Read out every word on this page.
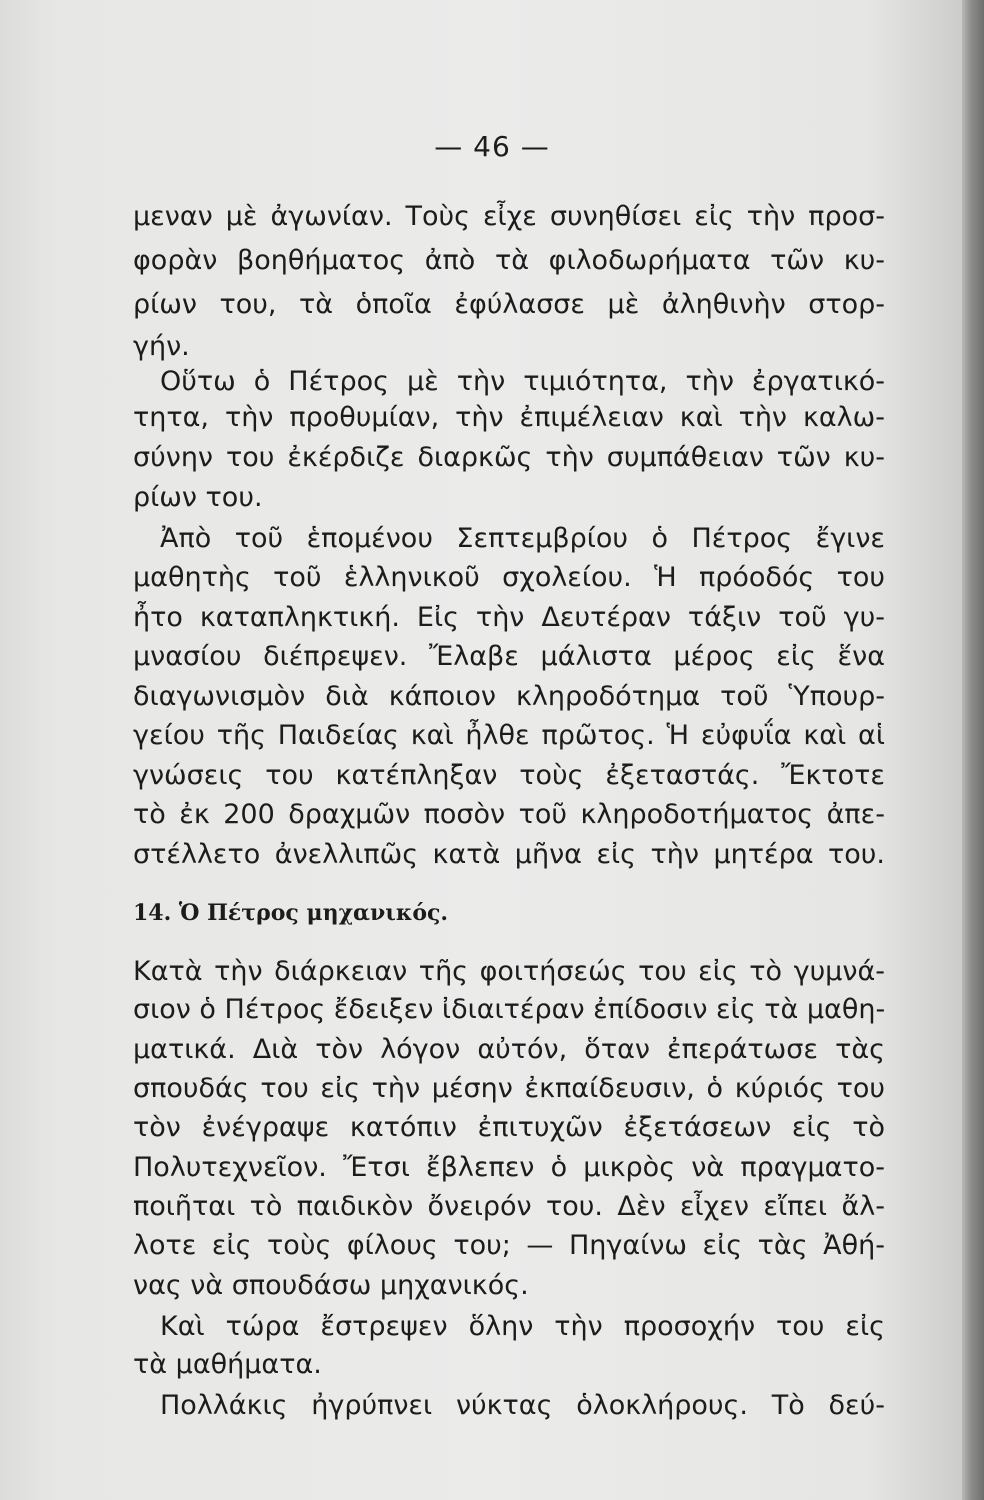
— 46 —
μεναν μὲ ἀγωνίαν. Τοὺς εἶχε συνηθίσει εἰς τὴν προσ-
φορὰν βοηθήματος ἀπὸ τὰ φιλοδωρήματα τῶν κυ-
ρίων του, τὰ ὁποῖα ἐφύλασσε μὲ ἀληθινὴν στορ-
γήν.
Οὕτω ὁ Πέτρος μὲ τὴν τιμιότητα, τὴν ἐργατικό-
τητα, τὴν προθυμίαν, τὴν ἐπιμέλειαν καὶ τὴν καλω-
σύνην του ἐκέρδιζε διαρκῶς τὴν συμπάθειαν τῶν κυ-
ρίων του.
Ἀπὸ τοῦ ἑπομένου Σεπτεμβρίου ὁ Πέτρος ἔγινε
μαθητὴς τοῦ ἑλληνικοῦ σχολείου. Ἡ πρόοδός του
ἦτο καταπληκτική. Εἰς τὴν Δευτέραν τάξιν τοῦ γυ-
μνασίου διέπρεψεν. Ἔλαβε μάλιστα μέρος εἰς ἕνα
διαγωνισμὸν διὰ κάποιον κληροδότημα τοῦ Ὑπουρ-
γείου τῆς Παιδείας καὶ ἦλθε πρῶτος. Ἡ εὐφυΐα καὶ αἱ
γνώσεις του κατέπληξαν τοὺς ἐξεταστάς. Ἔκτοτε
τὸ ἐκ 200 δραχμῶν ποσὸν τοῦ κληροδοτήματος ἀπε-
στέλλετο ἀνελλιπῶς κατὰ μῆνα εἰς τὴν μητέρα του.
14. Ὁ Πέτρος μηχανικός.
Κατὰ τὴν διάρκειαν τῆς φοιτήσεώς του εἰς τὸ γυμνά-
σιον ὁ Πέτρος ἔδειξεν ἰδιαιτέραν ἐπίδοσιν εἰς τὰ μαθη-
ματικά. Διὰ τὸν λόγον αὐτόν, ὅταν ἐπεράτωσε τὰς
σπουδάς του εἰς τὴν μέσην ἐκπαίδευσιν, ὁ κύριός του
τὸν ἐνέγραψε κατόπιν ἐπιτυχῶν ἐξετάσεων εἰς τὸ
Πολυτεχνεῖον. Ἔτσι ἔβλεπεν ὁ μικρὸς νὰ πραγματο-
ποιῆται τὸ παιδικὸν ὄνειρόν του. Δὲν εἶχεν εἴπει ἄλ-
λοτε εἰς τοὺς φίλους του; — Πηγαίνω εἰς τὰς Ἀθή-
νας νὰ σπουδάσω μηχανικός.
Καὶ τώρα ἔστρεψεν ὅλην τὴν προσοχήν του εἰς
τὰ μαθήματα.
Πολλάκις ἠγρύπνει νύκτας ὁλοκλήρους. Τὸ δεύ-
